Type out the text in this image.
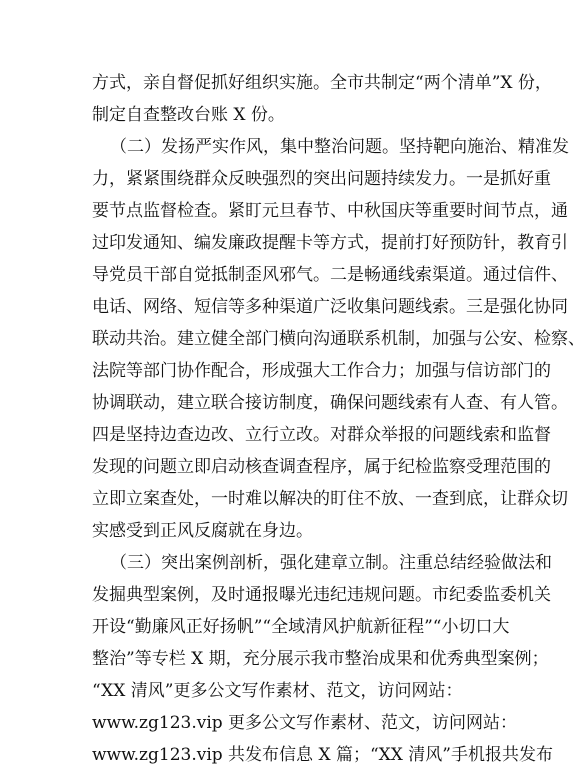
方式，亲自督促抓好组织实施。全市共制定“两个清单”X 份，
制定自查整改台账 X 份。
（二）发扬严实作风，集中整治问题。坚持靶向施治、精准发
力，紧紧围绕群众反映强烈的突出问题持续发力。一是抓好重
要节点监督检查。紧盯元旦春节、中秋国庆等重要时间节点，通
过印发通知、编发廉政提醒卡等方式，提前打好预防针，教育引
导党员干部自觉抵制歪风邪气。二是畅通线索渠道。通过信件、
电话、网络、短信等多种渠道广泛收集问题线索。三是强化协同
联动共治。建立健全部门横向沟通联系机制，加强与公安、检察、
法院等部门协作配合，形成强大工作合力；加强与信访部门的
协调联动，建立联合接访制度，确保问题线索有人查、有人管。
四是坚持边查边改、立行立改。对群众举报的问题线索和监督
发现的问题立即启动核查调查程序，属于纪检监察受理范围的
立即立案查处，一时难以解决的盯住不放、一查到底，让群众切
实感受到正风反腐就在身边。
（三）突出案例剖析，强化建章立制。注重总结经验做法和
发掘典型案例，及时通报曝光违纪违规问题。市纪委监委机关
开设“勤廉风正好扬帆”“全域清风护航新征程”“小切口大
整治”等专栏 X 期，充分展示我市整治成果和优秀典型案例；
“XX 清风”更多公文写作素材、范文，访问网站：
www.zg123.vip 更多公文写作素材、范文，访问网站：
www.zg123.vip 共发布信息 X 篇；“XX 清风”手机报共发布
